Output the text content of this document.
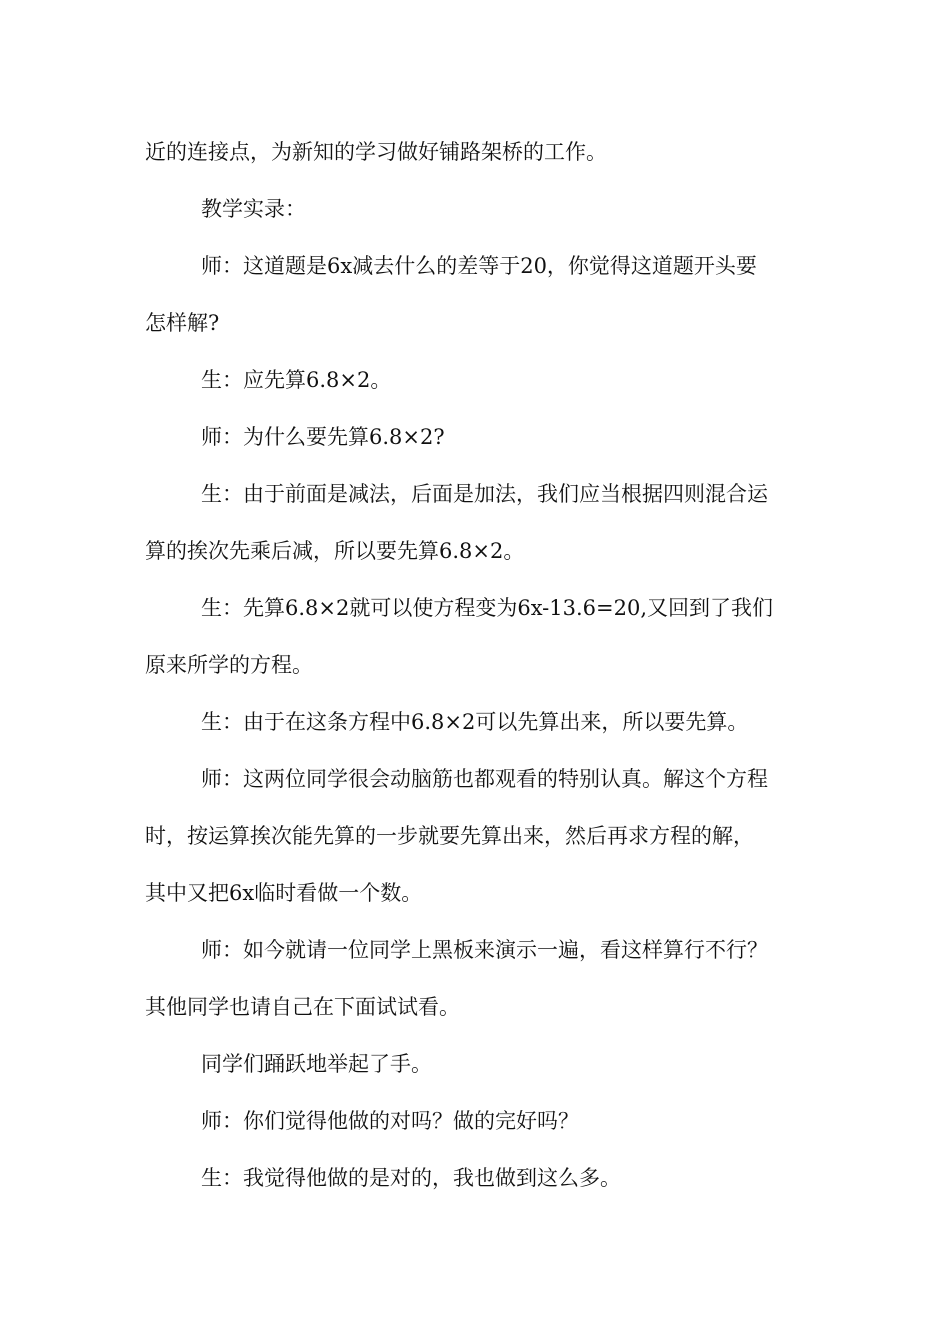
近的连接点，为新知的学习做好铺路架桥的工作。
教学实录：
师：这道题是6x减去什么的差等于20，你觉得这道题开头要
怎样解?
生：应先算6.8×2。
师：为什么要先算6.8×2?
生：由于前面是减法，后面是加法，我们应当根据四则混合运
算的挨次先乘后减，所以要先算6.8×2。
生：先算6.8×2就可以使方程变为6x-13.6=20,又回到了我们
原来所学的方程。
生：由于在这条方程中6.8×2可以先算出来，所以要先算。
师：这两位同学很会动脑筋也都观看的特别认真。解这个方程
时，按运算挨次能先算的一步就要先算出来，然后再求方程的解，
其中又把6x临时看做一个数。
师：如今就请一位同学上黑板来演示一遍，看这样算行不行？
其他同学也请自己在下面试试看。
同学们踊跃地举起了手。
师：你们觉得他做的对吗？做的完好吗？
生：我觉得他做的是对的，我也做到这么多。
